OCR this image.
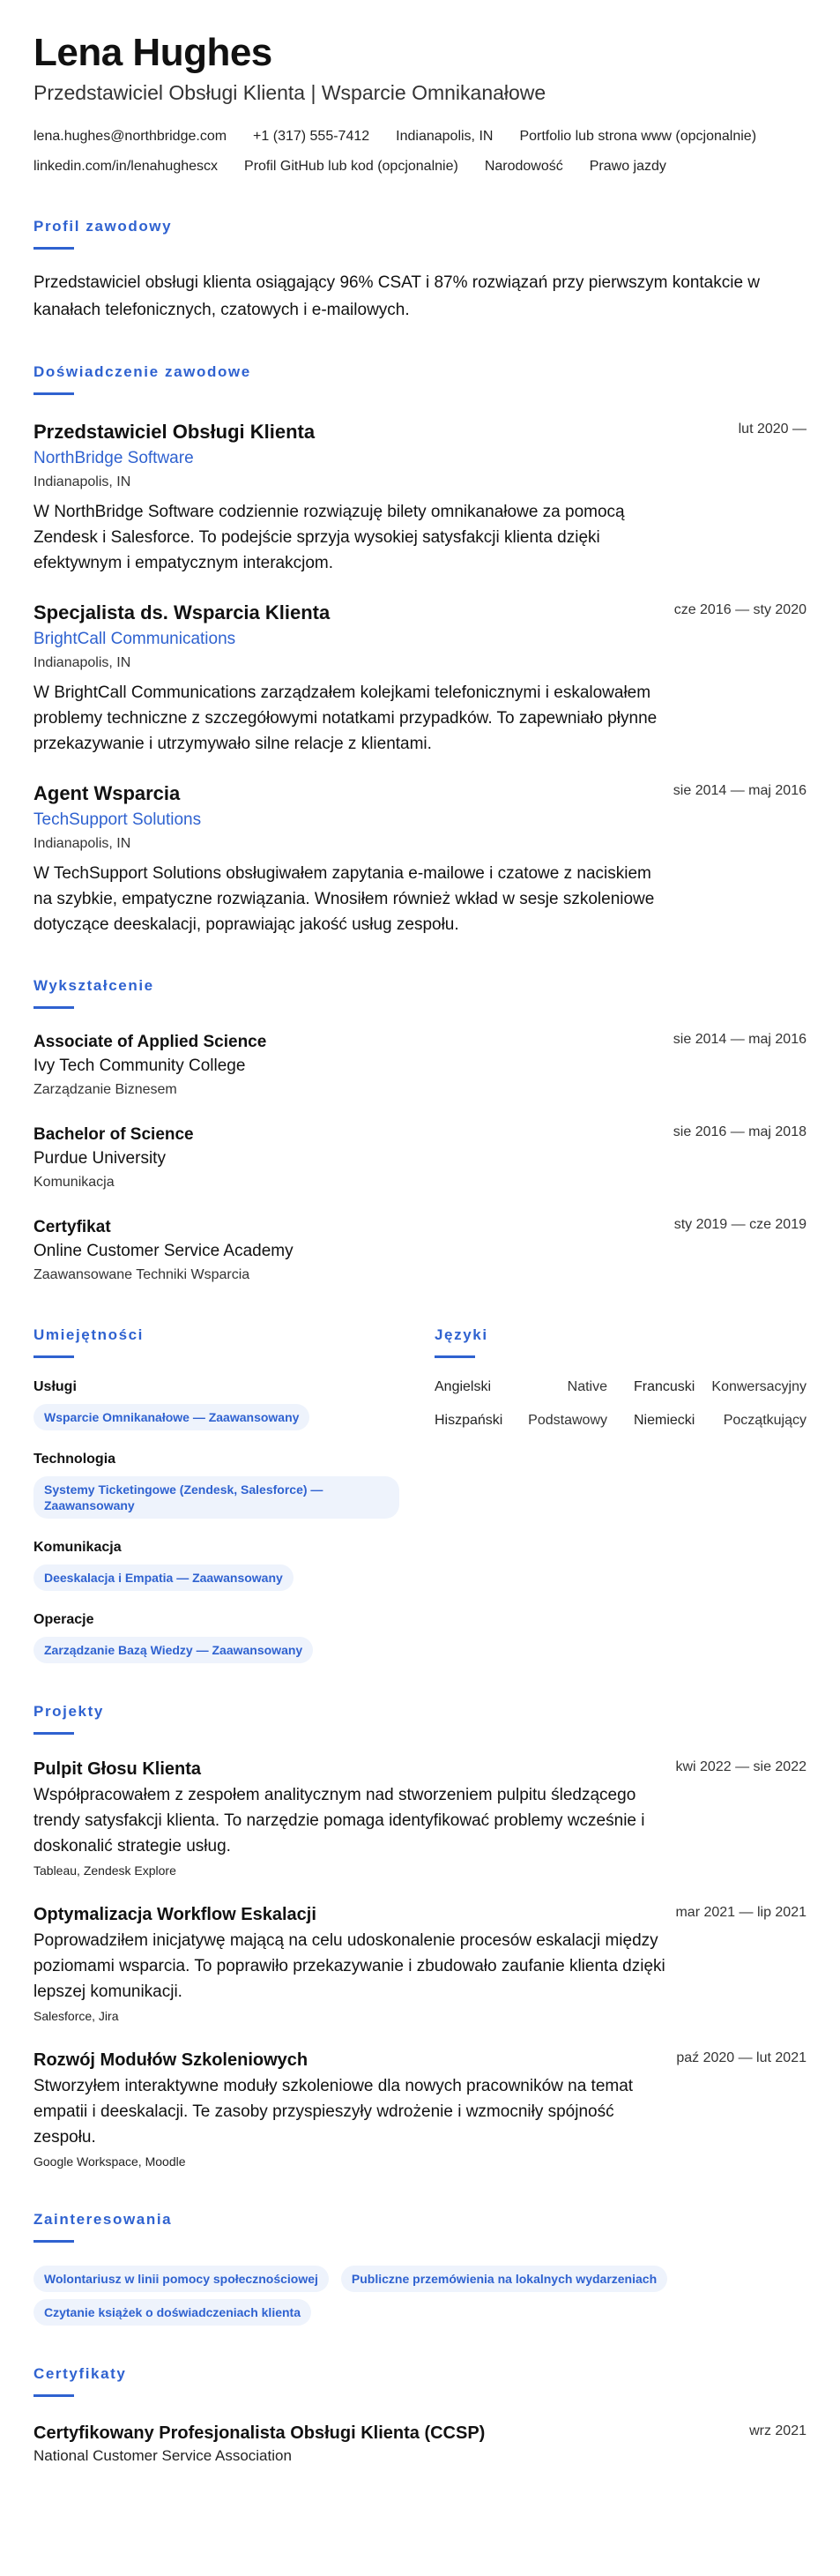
Lena Hughes
Przedstawiciel Obsługi Klienta | Wsparcie Omnikanałowe
lena.hughes@northbridge.com +1 (317) 555-7412 Indianapolis, IN Portfolio lub strona www (opcjonalnie)
linkedin.com/in/lenahughescx Profil GitHub lub kod (opcjonalnie) Narodowość Prawo jazdy
Profil zawodowy
Przedstawiciel obsługi klienta osiągający 96% CSAT i 87% rozwiązań przy pierwszym kontakcie w kanałach telefonicznych, czatowych i e-mailowych.
Doświadczenie zawodowe
Przedstawiciel Obsługi Klienta	lut 2020 —
NorthBridge Software
Indianapolis, IN
W NorthBridge Software codziennie rozwiązuję bilety omnikanałowe za pomocą Zendesk i Salesforce. To podejście sprzyja wysokiej satysfakcji klienta dzięki efektywnym i empatycznym interakcjom.
Specjalista ds. Wsparcia Klienta	cze 2016 — sty 2020
BrightCall Communications
Indianapolis, IN
W BrightCall Communications zarządzałem kolejkami telefonicznymi i eskalowałem problemy techniczne z szczegółowymi notatkami przypadków. To zapewniało płynne przekazywanie i utrzymywało silne relacje z klientami.
Agent Wsparcia	sie 2014 — maj 2016
TechSupport Solutions
Indianapolis, IN
W TechSupport Solutions obsługiwałem zapytania e-mailowe i czatowe z naciskiem na szybkie, empatyczne rozwiązania. Wnosiłem również wkład w sesje szkoleniowe dotyczące deeskalacji, poprawiając jakość usług zespołu.
Wykształcenie
Associate of Applied Science	sie 2014 — maj 2016
Ivy Tech Community College
Zarządzanie Biznesem
Bachelor of Science	sie 2016 — maj 2018
Purdue University
Komunikacja
Certyfikat	sty 2019 — cze 2019
Online Customer Service Academy
Zaawansowane Techniki Wsparcia
Umiejętności
Usługi
Wsparcie Omnikanałowe — Zaawansowany
Technologia
Systemy Ticketingowe (Zendesk, Salesforce) — Zaawansowany
Komunikacja
Deeskalacja i Empatia — Zaawansowany
Operacje
Zarządzanie Bazą Wiedzy — Zaawansowany
Języki
Angielski	Native Francuski Konwersacyjny
Hiszpański Podstawowy Niemiecki Początkujący
Projekty
Pulpit Głosu Klienta	kwi 2022 — sie 2022
Współpracowałem z zespołem analitycznym nad stworzeniem pulpitu śledzącego trendy satysfakcji klienta. To narzędzie pomaga identyfikować problemy wcześnie i doskonalić strategie usług.
Tableau, Zendesk Explore
Optymalizacja Workflow Eskalacji	mar 2021 — lip 2021
Poprowadziłem inicjatywę mającą na celu udoskonalenie procesów eskalacji między poziomami wsparcia. To poprawiło przekazywanie i zbudowało zaufanie klienta dzięki lepszej komunikacji.
Salesforce, Jira
Rozwój Modułów Szkoleniowych	paź 2020 — lut 2021
Stworzyłem interaktywne moduły szkoleniowe dla nowych pracowników na temat empatii i deeskalacji. Te zasoby przyspieszyły wdrożenie i wzmocniły spójność zespołu.
Google Workspace, Moodle
Zainteresowania
Wolontariusz w linii pomocy społecznościowej	Publiczne przemówienia na lokalnych wydarzeniach
Czytanie książek o doświadczeniach klienta
Certyfikaty
Certyfikowany Profesjonalista Obsługi Klienta (CCSP)	wrz 2021
National Customer Service Association
